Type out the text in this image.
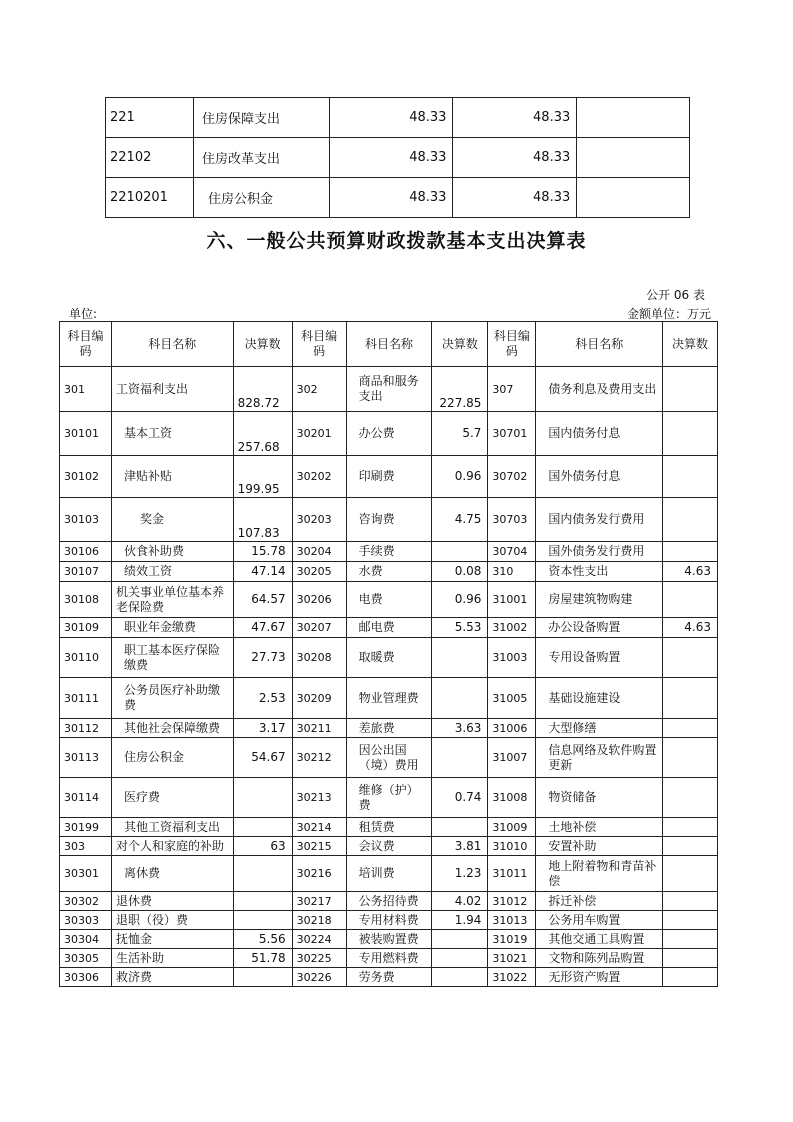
221	住房保障支出	48.33	48.33	
22102	住房改革支出	48.33	48.33	
2210201	住房公积金	48.33	48.33	
六、一般公共预算财政拨款基本支出决算表
公开 06 表
单位:	金额单位：万元
科目编码	科目名称	决算数	科目编码	科目名称	决算数	科目编码	科目名称	决算数
301	工资福利支出	828.72	302	商品和服务支出	227.85	307	债务利息及费用支出	
30101	基本工资	257.68	30201	办公费	5.7	30701	国内债务付息	
30102	津贴补贴	199.95	30202	印刷费	0.96	30702	国外债务付息	
30103	奖金	107.83	30203	咨询费	4.75	30703	国内债务发行费用	
30106	伙食补助费	15.78	30204	手续费		30704	国外债务发行费用	
30107	绩效工资	47.14	30205	水费	0.08	310	资本性支出	4.63
30108	机关事业单位基本养老保险费	64.57	30206	电费	0.96	31001	房屋建筑物购建	
30109	职业年金缴费	47.67	30207	邮电费	5.53	31002	办公设备购置	4.63
30110	职工基本医疗保险缴费	27.73	30208	取暖费		31003	专用设备购置	
30111	公务员医疗补助缴费	2.53	30209	物业管理费		31005	基础设施建设	
30112	其他社会保障缴费	3.17	30211	差旅费	3.63	31006	大型修缮	
30113	住房公积金	54.67	30212	因公出国（境）费用		31007	信息网络及软件购置更新	
30114	医疗费		30213	维修（护）费	0.74	31008	物资储备	
30199	其他工资福利支出		30214	租赁费		31009	土地补偿	
303	对个人和家庭的补助	63	30215	会议费	3.81	31010	安置补助	
30301	离休费		30216	培训费	1.23	31011	地上附着物和青苗补偿	
30302	退休费		30217	公务招待费	4.02	31012	拆迁补偿	
30303	退职（役）费		30218	专用材料费	1.94	31013	公务用车购置	
30304	抚恤金	5.56	30224	被装购置费		31019	其他交通工具购置	
30305	生活补助	51.78	30225	专用燃料费		31021	文物和陈列品购置	
30306	救济费		30226	劳务费		31022	无形资产购置	
